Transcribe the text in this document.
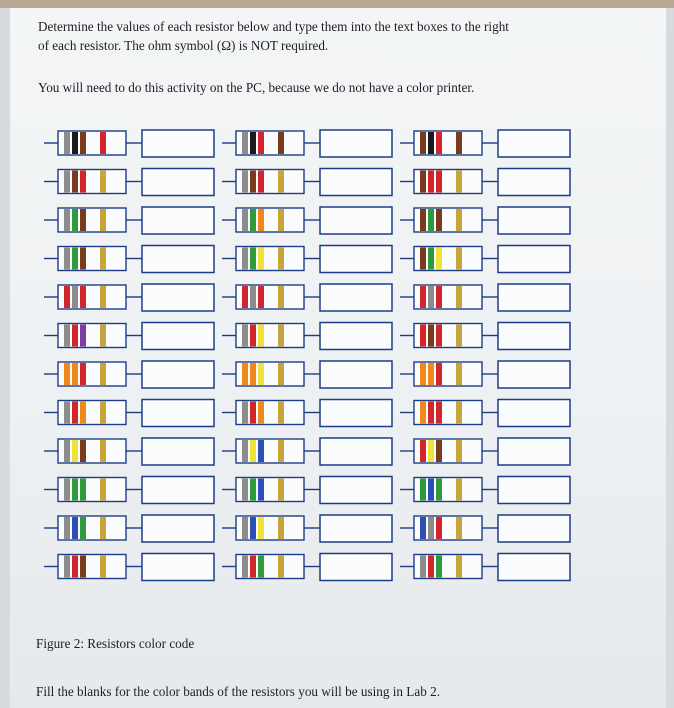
Determine the values of each resistor below and type them into the text boxes to the right
of each resistor. The ohm symbol (Ω) is NOT required.
You will need to do this activity on the PC, because we do not have a color printer.
Figure 2: Resistors color code
Fill the blanks for the color bands of the resistors you will be using in Lab 2.
